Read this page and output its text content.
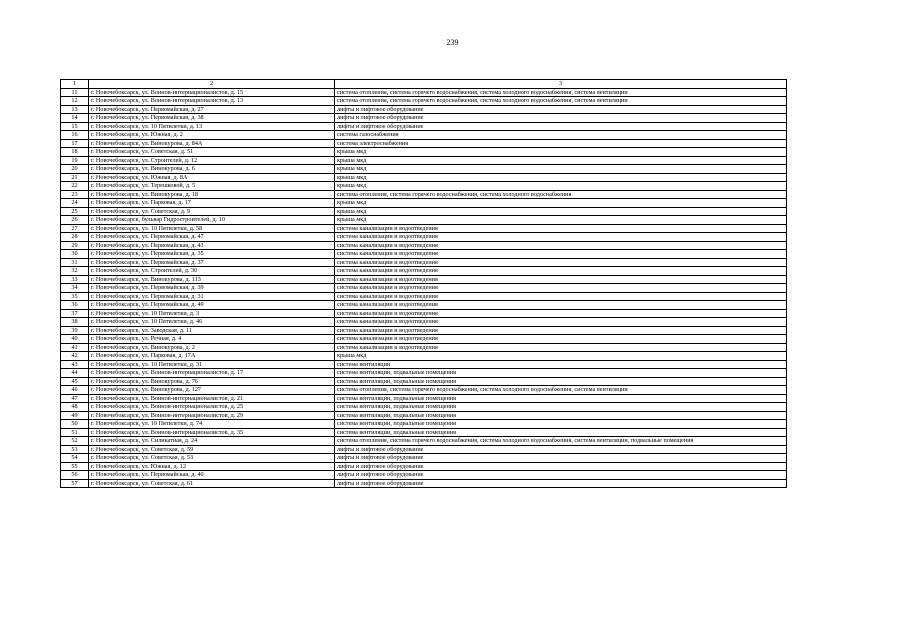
239
1	2	3
11	г. Новочебоксарск, ул. Воинов-интернационалистов, д. 15	система отопления, система горячего водоснабжения, система холодного водоснабжения, система вентиляции
12	г. Новочебоксарск, ул. Воинов-интернационалистов, д. 13	система отопления, система горячего водоснабжения, система холодного водоснабжения, система вентиляции
13	г. Новочебоксарск, ул. Первомайская, д. 27	лифты и лифтовое оборудование
14	г. Новочебоксарск, ул. Первомайская, д. 38	лифты и лифтовое оборудование
15	г. Новочебоксарск, ул. 10 Пятилетки, д. 13	лифты и лифтовое оборудование
16	г. Новочебоксарск, ул. Южная, д. 2	система газоснабжения
17	г. Новочебоксарск, ул. Винокурова, д. 84А	система электроснабжения
18	г. Новочебоксарск, ул. Советская, д. 51	крыша мкд
19	г. Новочебоксарск, ул. Строителей, д. 12	крыша мкд
20	г. Новочебоксарск, ул. Винокурова, д. 6	крыша мкд
21	г. Новочебоксарск, ул. Южная, д. 8А	крыша мкд
22	г. Новочебоксарск, ул. Терешковой, д. 5	крыша мкд
23	г. Новочебоксарск, ул. Винокурова, д. 18	система отопления, система горячего водоснабжения, система холодного водоснабжения
24	г. Новочебоксарск, ул. Парковая, д. 17	крыша мкд
25	г. Новочебоксарск, ул. Советская, д. 9	крыша мкд
26	г. Новочебоксарск, бульвар Гидростроителей, д. 10	крыша мкд
27	г. Новочебоксарск, ул. 10 Пятилетки, д. 58	система канализации и водоотведения
28	г. Новочебоксарск, ул. Первомайская, д. 47	система канализации и водоотведения
29	г. Новочебоксарск, ул. Первомайская, д. 43	система канализации и водоотведения
30	г. Новочебоксарск, ул. Первомайская, д. 35	система канализации и водоотведения
31	г. Новочебоксарск, ул. Первомайская, д. 37	система канализации и водоотведения
32	г. Новочебоксарск, ул. Строителей, д. 30	система канализации и водоотведения
33	г. Новочебоксарск, ул. Винокурова, д. 113	система канализации и водоотведения
34	г. Новочебоксарск, ул. Первомайская, д. 39	система канализации и водоотведения
35	г. Новочебоксарск, ул. Первомайская, д. 31	система канализации и водоотведения
36	г. Новочебоксарск, ул. Первомайская, д. 49	система канализации и водоотведения
37	г. Новочебоксарск, ул. 10 Пятилетки, д. 3	система канализации и водоотведения
38	г. Новочебоксарск, ул. 10 Пятилетки, д. 46	система канализации и водоотведения
39	г. Новочебоксарск, ул. Заводская, д. 11	система канализации и водоотведения
40	г. Новочебоксарск, ул. Речная, д. 4	система канализации и водоотведения
41	г. Новочебоксарск, ул. Винокурова, д. 2	система канализации и водоотведения
42	г. Новочебоксарск, ул. Парковая, д. 17А	крыша мкд
43	г. Новочебоксарск, ул. 10 Пятилетки, д. 31	система вентиляции
44	г. Новочебоксарск, ул. Воинов-интернационалистов, д. 17	система вентиляции, подвальные помещения
45	г. Новочебоксарск, ул. Винокурова, д. 76	система вентиляции, подвальные помещения
46	г. Новочебоксарск, ул. Винокурова, д. 127	система отопления, система горячего водоснабжения, система холодного водоснабжения, система вентиляции
47	г. Новочебоксарск, ул. Воинов-интернационалистов, д. 21	система вентиляции, подвальные помещения
48	г. Новочебоксарск, ул. Воинов-интернационалистов, д. 25	система вентиляции, подвальные помещения
49	г. Новочебоксарск, ул. Воинов-интернационалистов, д. 29	система вентиляции, подвальные помещения
50	г. Новочебоксарск, ул. 10 Пятилетки, д. 74	система вентиляции, подвальные помещения
51	г. Новочебоксарск, ул. Воинов-интернационалистов, д. 35	система вентиляции, подвальные помещения
52	г. Новочебоксарск, ул. Силикатная, д. 24	система отопления, система горячего водоснабжения, система холодного водоснабжения, система вентиляции, подвальные помещения
53	г. Новочебоксарск, ул. Советская, д. 59	лифты и лифтовое оборудование
54	г. Новочебоксарск, ул. Советская, д. 53	лифты и лифтовое оборудование
55	г. Новочебоксарск, ул. Южная, д. 12	лифты и лифтовое оборудование
56	г. Новочебоксарск, ул. Первомайская, д. 40	лифты и лифтовое оборудование
57	г. Новочебоксарск, ул. Советская, д. 61	лифты и лифтовое оборудование
